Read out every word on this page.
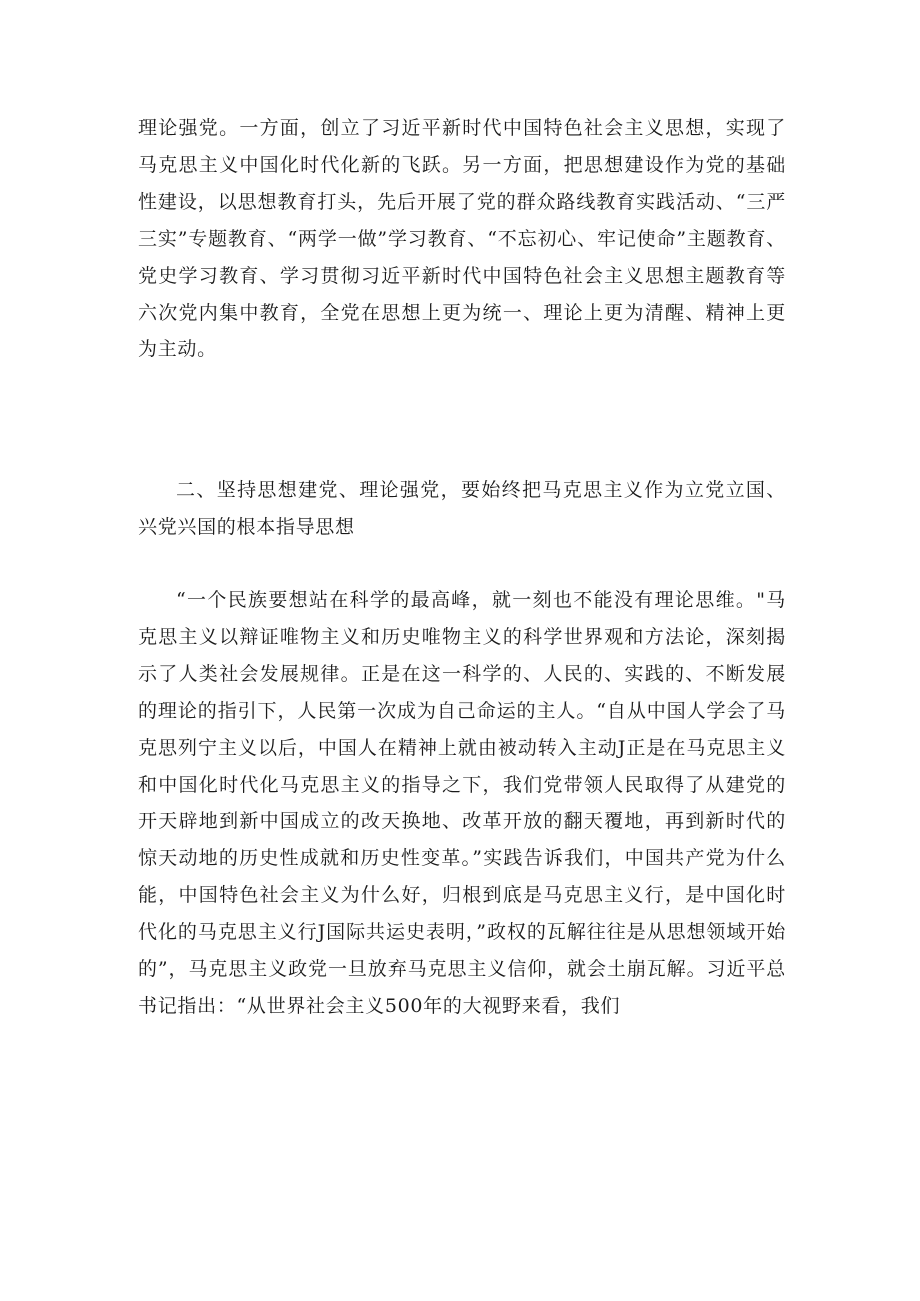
理论强党。一方面，创立了习近平新时代中国特色社会主义思想，实现了马克思主义中国化时代化新的飞跃。另一方面，把思想建设作为党的基础性建设，以思想教育打头，先后开展了党的群众路线教育实践活动、“三严三实”专题教育、“两学一做”学习教育、“不忘初心、牢记使命”主题教育、党史学习教育、学习贯彻习近平新时代中国特色社会主义思想主题教育等六次党内集中教育，全党在思想上更为统一、理论上更为清醒、精神上更为主动。

二、坚持思想建党、理论强党，要始终把马克思主义作为立党立国、兴党兴国的根本指导思想

“一个民族要想站在科学的最高峰，就一刻也不能没有理论思维。"马克思主义以辩证唯物主义和历史唯物主义的科学世界观和方法论，深刻揭示了人类社会发展规律。正是在这一科学的、人民的、实践的、不断发展的理论的指引下，人民第一次成为自己命运的主人。“自从中国人学会了马克思列宁主义以后，中国人在精神上就由被动转入主动J正是在马克思主义和中国化时代化马克思主义的指导之下，我们党带领人民取得了从建党的开天辟地到新中国成立的改天换地、改革开放的翻天覆地，再到新时代的惊天动地的历史性成就和历史性变革。”实践告诉我们，中国共产党为什么能，中国特色社会主义为什么好，归根到底是马克思主义行，是中国化时代化的马克思主义行J国际共运史表明，”政权的瓦解往往是从思想领域开始的”，马克思主义政党一旦放弃马克思主义信仰，就会土崩瓦解。习近平总书记指出：“从世界社会主义500年的大视野来看，我们
